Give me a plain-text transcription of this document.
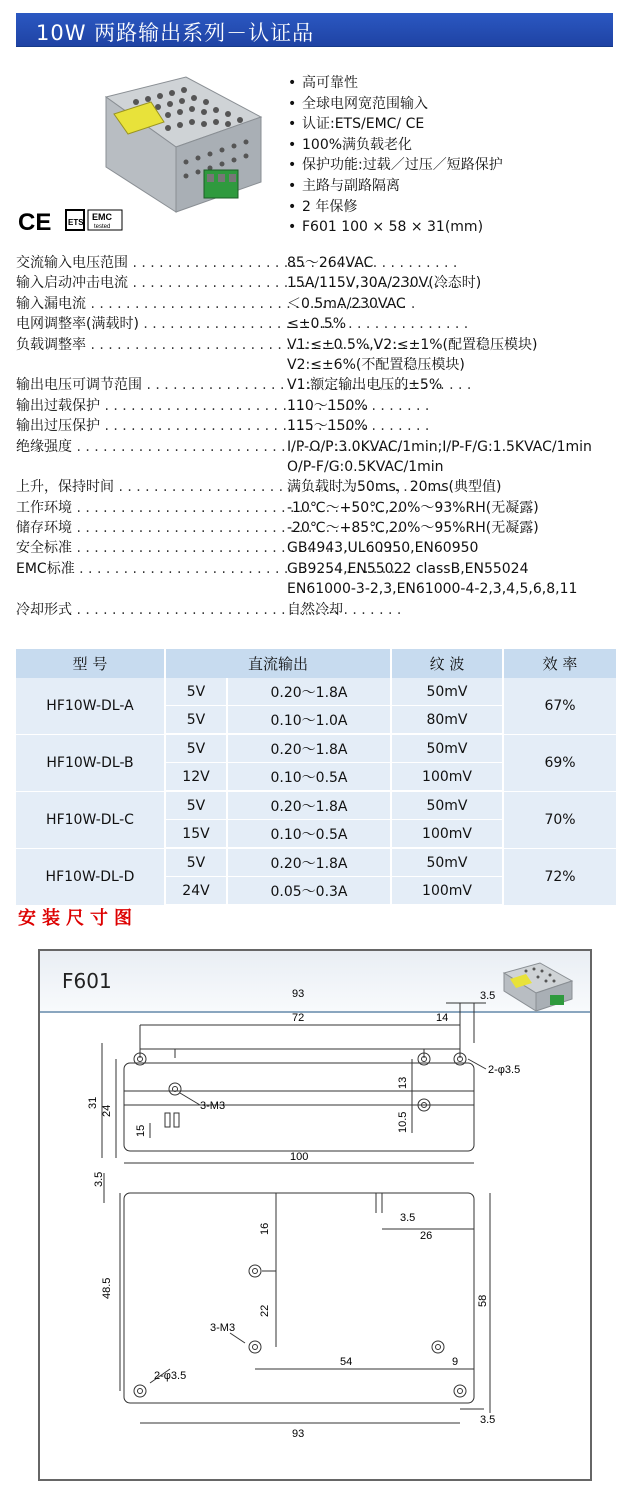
10W 两路输出系列－认证品
CE ETS
EMC
tested
• 高可靠性
• 全球电网宽范围输入
• 认证:ETS/EMC/ CE
• 100%满负载老化
• 保护功能:过载／过压／短路保护
• 主路与副路隔离
• 2 年保修
• F601 100 × 58 × 31(mm)
交流输入电压范围 . . .	85～264VAC
输入启动冲击电流 . . .	15A/115V,30A/230V(冷态时)
输入漏电流 . . .	＜0.5mA/230VAC
电网调整率(满载时) . . .	≤±0.5%
负载调整率 . . .	V1:≤±0.5%,V2:≤±1%(配置稳压模块)
V2:≤±6%(不配置稳压模块)
输出电压可调节范围 . . .	V1:额定输出电压的±5%
输出过载保护 . . .	110～150%
输出过压保护 . . .	115～150%
绝缘强度 . . .	I/P-O/P:3.0KVAC/1min;I/P-F/G:1.5KVAC/1min
O/P-F/G:0.5KVAC/1min
上升，保持时间 . . .	满负载时为50ms，20ms(典型值)
工作环境 . . .	-10℃～+50℃,20%～93%RH(无凝露)
储存环境 . . .	-20℃～+85℃,20%～95%RH(无凝露)
安全标准 . . .	GB4943,UL60950,EN60950
EMC标准 . . .	GB9254,EN55022 classB,EN55024
EN61000-3-2,3,EN61000-4-2,3,4,5,6,8,11
冷却形式 . . .	自然冷却
型 号	直流输出		纹 波	效 率
HF10W-DL-A	5V	0.20～1.8A	50mV	67%
	5V	0.10～1.0A	80mV	
HF10W-DL-B	5V	0.20～1.8A	50mV	69%
	12V	0.10～0.5A	100mV	
HF10W-DL-C	5V	0.20～1.8A	50mV	70%
	15V	0.10～0.5A	100mV	
HF10W-DL-D	5V	0.20～1.8A	50mV	72%
	24V	0.05～0.3A	100mV	
安装尺寸图
F601
93
72	14
3.5
2-φ3.5
3-M3
100
31
24
15
13
10.5
3.5
16
3.5
26
48.5
58
22
3-M3
54	9
2-φ3.5
93
3.5
